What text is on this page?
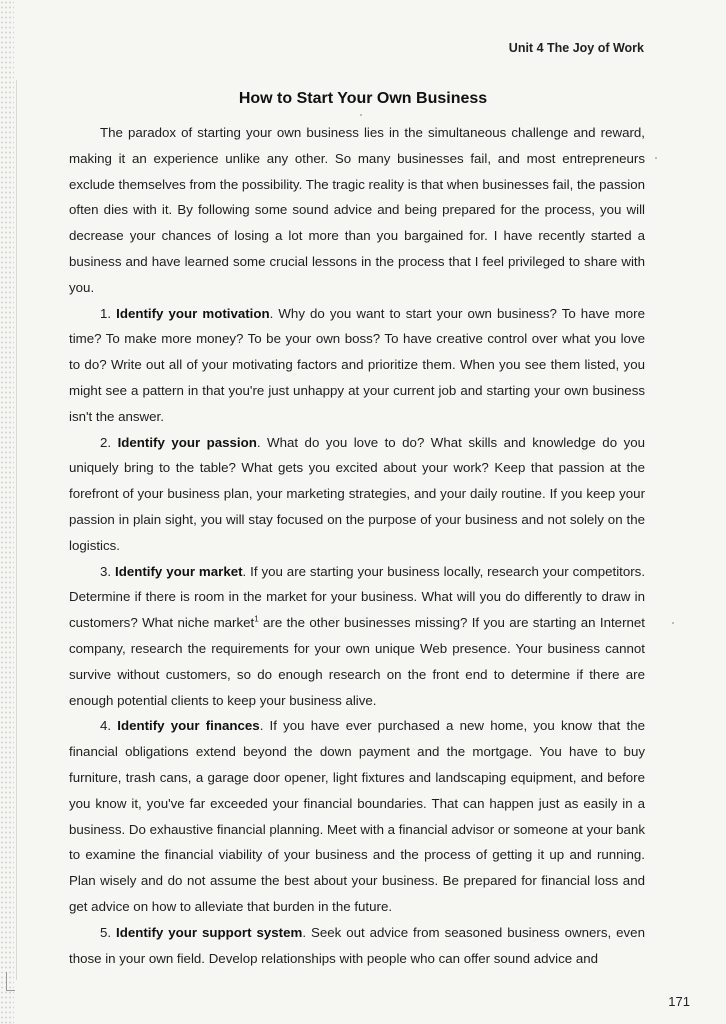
Unit 4 The Joy of Work
How to Start Your Own Business

The paradox of starting your own business lies in the simultaneous challenge and reward, making it an experience unlike any other. So many businesses fail, and most entrepreneurs exclude themselves from the possibility. The tragic reality is that when businesses fail, the passion often dies with it. By following some sound advice and being prepared for the process, you will decrease your chances of losing a lot more than you bargained for. I have recently started a business and have learned some crucial lessons in the process that I feel privileged to share with you.

1. Identify your motivation. Why do you want to start your own business? To have more time? To make more money? To be your own boss? To have creative control over what you love to do? Write out all of your motivating factors and prioritize them. When you see them listed, you might see a pattern in that you're just unhappy at your current job and starting your own business isn't the answer.

2. Identify your passion. What do you love to do? What skills and knowledge do you uniquely bring to the table? What gets you excited about your work? Keep that passion at the forefront of your business plan, your marketing strategies, and your daily routine. If you keep your passion in plain sight, you will stay focused on the purpose of your business and not solely on the logistics.

3. Identify your market. If you are starting your business locally, research your competitors. Determine if there is room in the market for your business. What will you do differently to draw in customers? What niche market$^1$ are the other businesses missing? If you are starting an Internet company, research the requirements for your own unique Web presence. Your business cannot survive without customers, so do enough research on the front end to determine if there are enough potential clients to keep your business alive.

4. Identify your finances. If you have ever purchased a new home, you know that the financial obligations extend beyond the down payment and the mortgage. You have to buy furniture, trash cans, a garage door opener, light fixtures and landscaping equipment, and before you know it, you've far exceeded your financial boundaries. That can happen just as easily in a business. Do exhaustive financial planning. Meet with a financial advisor or someone at your bank to examine the financial viability of your business and the process of getting it up and running. Plan wisely and do not assume the best about your business. Be prepared for financial loss and get advice on how to alleviate that burden in the future.

5. Identify your support system. Seek out advice from seasoned business owners, even those in your own field. Develop relationships with people who can offer sound advice and

171
